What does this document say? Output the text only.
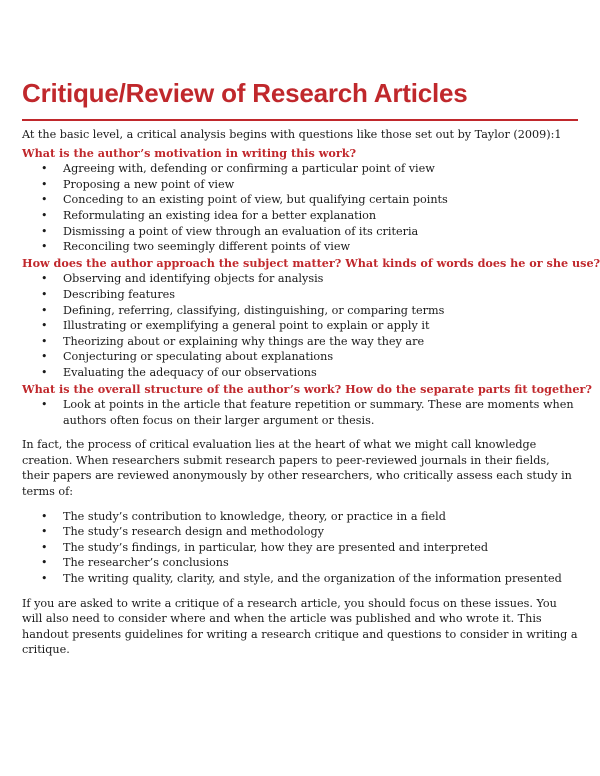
Critique/Review of Research Articles

At the basic level, a critical analysis begins with questions like those set out by Taylor (2009):1

What is the author’s motivation in writing this work?

• Agreeing with, defending or confirming a particular point of view
• Proposing a new point of view
• Conceding to an existing point of view, but qualifying certain points
• Reformulating an existing idea for a better explanation
• Dismissing a point of view through an evaluation of its criteria
• Reconciling two seemingly different points of view

How does the author approach the subject matter? What kinds of words does he or she use?

• Observing and identifying objects for analysis
• Describing features
• Defining, referring, classifying, distinguishing, or comparing terms
• Illustrating or exemplifying a general point to explain or apply it
• Theorizing about or explaining why things are the way they are
• Conjecturing or speculating about explanations
• Evaluating the adequacy of our observations

What is the overall structure of the author’s work? How do the separate parts fit together?

• Look at points in the article that feature repetition or summary. These are moments when authors often focus on their larger argument or thesis.

In fact, the process of critical evaluation lies at the heart of what we might call knowledge creation. When researchers submit research papers to peer-reviewed journals in their fields, their papers are reviewed anonymously by other researchers, who critically assess each study in terms of:

• The study’s contribution to knowledge, theory, or practice in a field
• The study’s research design and methodology
• The study’s findings, in particular, how they are presented and interpreted
• The researcher’s conclusions
• The writing quality, clarity, and style, and the organization of the information presented

If you are asked to write a critique of a research article, you should focus on these issues. You will also need to consider where and when the article was published and who wrote it. This handout presents guidelines for writing a research critique and questions to consider in writing a critique.
